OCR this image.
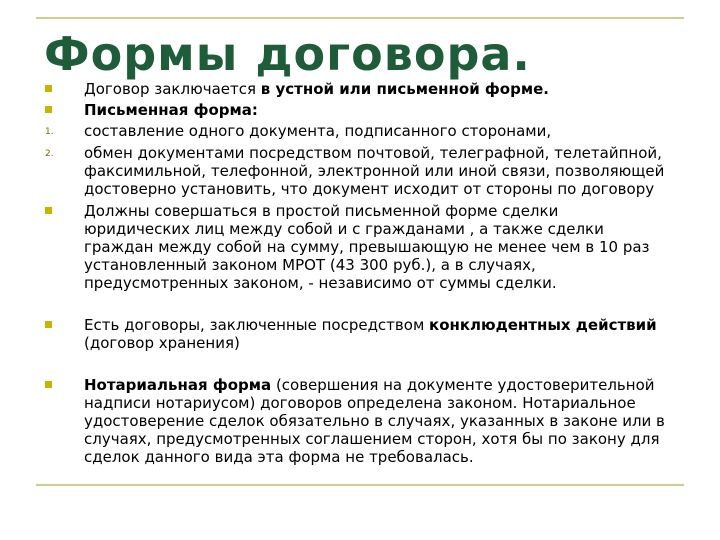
Формы договора.
Договор заключается в устной или письменной форме.
Письменная форма:
1. составление одного документа, подписанного сторонами,
2. обмен документами посредством почтовой, телеграфной, телетайпной, факсимильной, телефонной, электронной или иной связи, позволяющей достоверно установить, что документ исходит от стороны по договору
Должны совершаться в простой письменной форме сделки юридических лиц между собой и с гражданами , а также сделки граждан между собой на сумму, превышающую не менее чем в 10 раз установленный законом МРОТ (43 300 руб.), а в случаях, предусмотренных законом, - независимо от суммы сделки.
Есть договоры, заключенные посредством конклюдентных действий (договор хранения)
Нотариальная форма (совершения на документе удостоверительной надписи нотариусом) договоров определена законом. Нотариальное удостоверение сделок обязательно в случаях, указанных в законе или в случаях, предусмотренных соглашением сторон, хотя бы по закону для сделок данного вида эта форма не требовалась.
